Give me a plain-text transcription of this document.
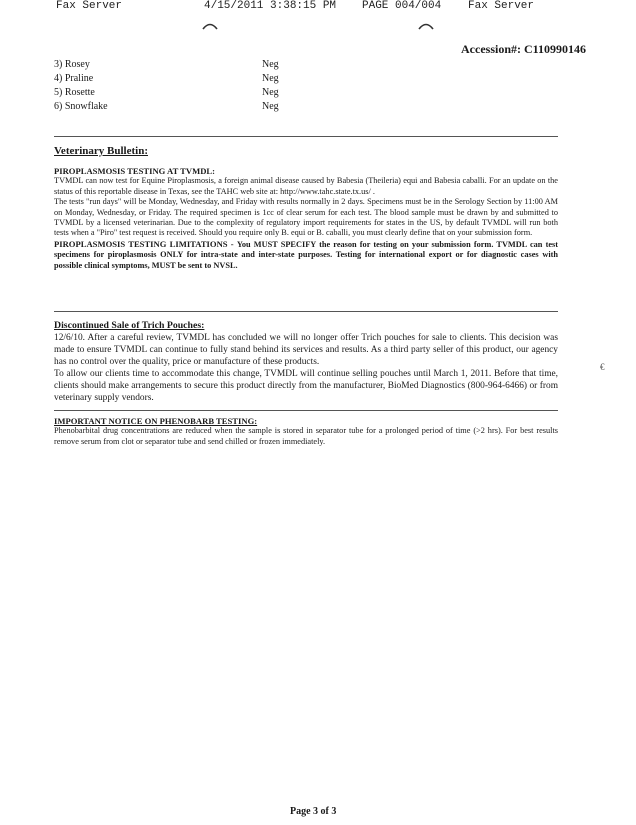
Fax Server	4/15/2011 3:38:15 PM PAGE 004/004 Fax Server
Accession#: C110990146
3) Rosey	Neg
4) Praline	Neg
5) Rosette	Neg
6) Snowflake	Neg
Veterinary Bulletin:

PIROPLASMOSIS TESTING AT TVMDL:

TVMDL can now test for Equine Piroplasmosis, a foreign animal disease caused by Babesia (Theileria) equi and Babesia caballi. For an update on the status of this reportable disease in Texas, see the TAHC web site at: http://www.tahc.state.tx.us/ .

The tests "run days" will be Monday, Wednesday, and Friday with results normally in 2 days. Specimens must be in the Serology Section by 11:00 AM on Monday, Wednesday, or Friday. The required specimen is 1cc of clear serum for each test. The blood sample must be drawn by and submitted to TVMDL by a licensed veterinarian. Due to the complexity of regulatory import requirements for states in the US, by default TVMDL will run both tests when a "Piro" test request is received. Should you require only B. equi or B. caballi, you must clearly define that on your submission form.

PIROPLASMOSIS TESTING LIMITATIONS - You MUST SPECIFY the reason for testing on your submission form. TVMDL can test specimens for piroplasmosis ONLY for intra-state and inter-state purposes. Testing for international export or for diagnostic cases with possible clinical symptoms, MUST be sent to NVSL.

Discontinued Sale of Trich Pouches:

12/6/10. After a careful review, TVMDL has concluded we will no longer offer Trich pouches for sale to clients. This decision was made to ensure TVMDL can continue to fully stand behind its services and results. As a third party seller of this product, our agency has no control over the quality, price or manufacture of these products.

To allow our clients time to accommodate this change, TVMDL will continue selling pouches until March 1, 2011. Before that time, clients should make arrangements to secure this product directly from the manufacturer, BioMed Diagnostics (800-964-6466) or from veterinary supply vendors.

IMPORTANT NOTICE ON PHENOBARB TESTING:

Phenobarbital drug concentrations are reduced when the sample is stored in separator tube for a prolonged period of time (>2 hrs). For best results remove serum from clot or separator tube and send chilled or frozen immediately.

€
Page 3 of 3
